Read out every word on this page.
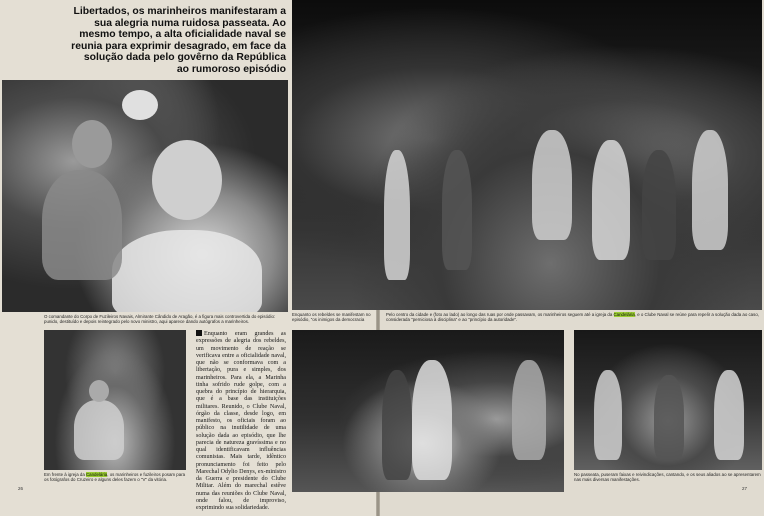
Libertados, os marinheiros manifestaram a sua alegria numa ruidosa passeata. Ao mesmo tempo, a alta oficialidade naval se reunia para exprimir desagrado, em face da solução dada pelo govêrno da República ao rumoroso episódio
O comandante do Corpo de Fuzileiros Navais, Almirante Cândido de Aragão, é a figura mais controvertida do episódio: punido, destituído e depois reintegrado pelo novo ministro, aqui aparece dando autógrafos a marinheiros.
Enquanto os rebeldes se manifestam no episódio, "os inimigos da democracia
Pelo centro da cidade e (foto ao lado) ao longo das ruas por onde passavam, os marinheiros seguem até a igreja da Candelária, e o Clube Naval se reúne para repelir a solução dada ao caso, considerada "perniciosa à disciplina" e ao "princípio da autoridade".
Em frente à igreja da Candelária, os marinheiros e fuzileiros posam para os fotógrafos do Cruzeiro e alguns deles fazem o "V" da vitória.
No passeata, puseram faixas e reivindicações, cantando, e os seus aliados ao se apresentarem nas mais diversas manifestações.
Enquanto eram grandes as expressões de alegria dos rebeldes, um movimento de reação se verificava entre a oficialidade naval, que não se conformava com a libertação, pura e simples, dos marinheiros. Para ela, a Marinha tinha sofrido rude golpe, com a quebra do princípio de hierarquia, que é a base das instituições militares. Reunido, o Clube Naval, órgão da classe, desde logo, em manifesto, os oficiais foram ao público na inutilidade de uma solução dada ao episódio, que lhe parecia de natureza gravíssima e no qual identificavam influências comunistas. Mais tarde, idêntico pronunciamento foi feito pelo Marechal Odylio Denys, ex-ministro da Guerra e presidente do Clube Militar. Além do marechal estêve numa das reuniões do Clube Naval, onde falou, de improviso, exprimindo sua solidariedade.
26	27
